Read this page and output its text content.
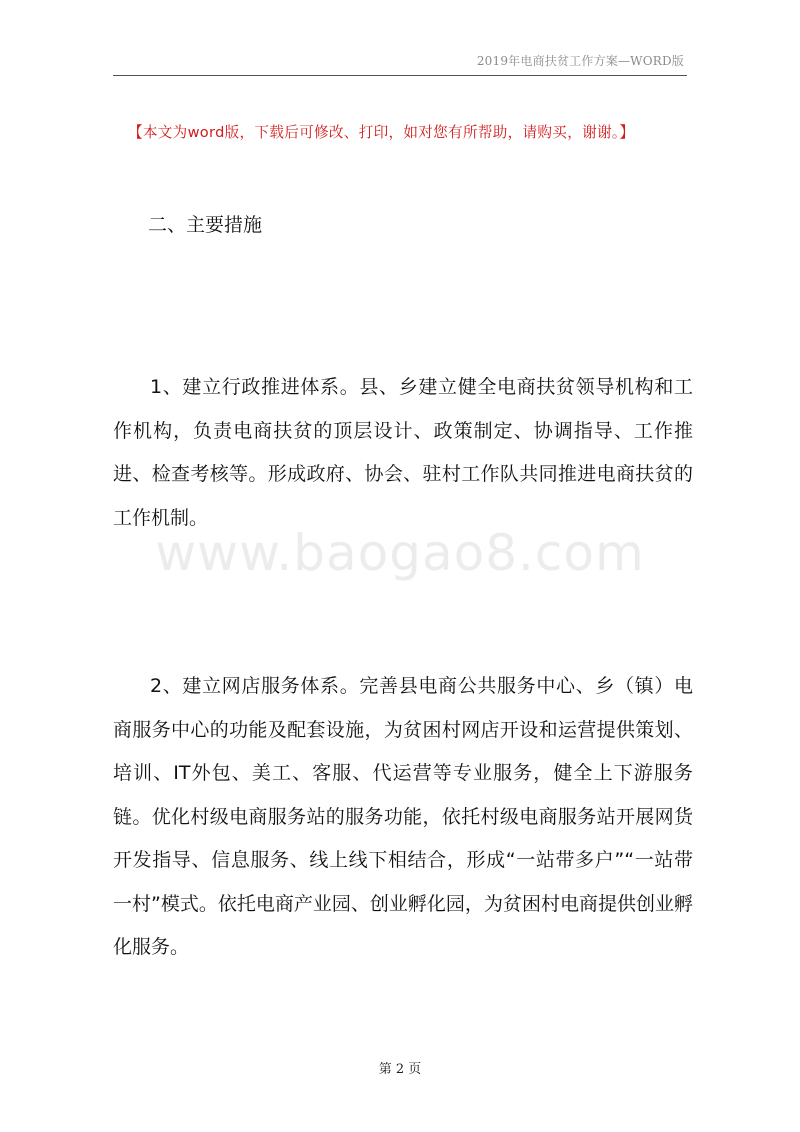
2019年电商扶贫工作方案—WORD版
【本文为word版，下载后可修改、打印，如对您有所帮助，请购买，谢谢。】
二、主要措施

1、建立行政推进体系。县、乡建立健全电商扶贫领导机构和工作机构，负责电商扶贫的顶层设计、政策制定、协调指导、工作推进、检查考核等。形成政府、协会、驻村工作队共同推进电商扶贫的工作机制。

www.baogao8.com

2、建立网店服务体系。完善县电商公共服务中心、乡（镇）电商服务中心的功能及配套设施，为贫困村网店开设和运营提供策划、培训、IT外包、美工、客服、代运营等专业服务，健全上下游服务链。优化村级电商服务站的服务功能，依托村级电商服务站开展网货开发指导、信息服务、线上线下相结合，形成“一站带多户”“一站带一村”模式。依托电商产业园、创业孵化园，为贫困村电商提供创业孵化服务。

第 2 页
